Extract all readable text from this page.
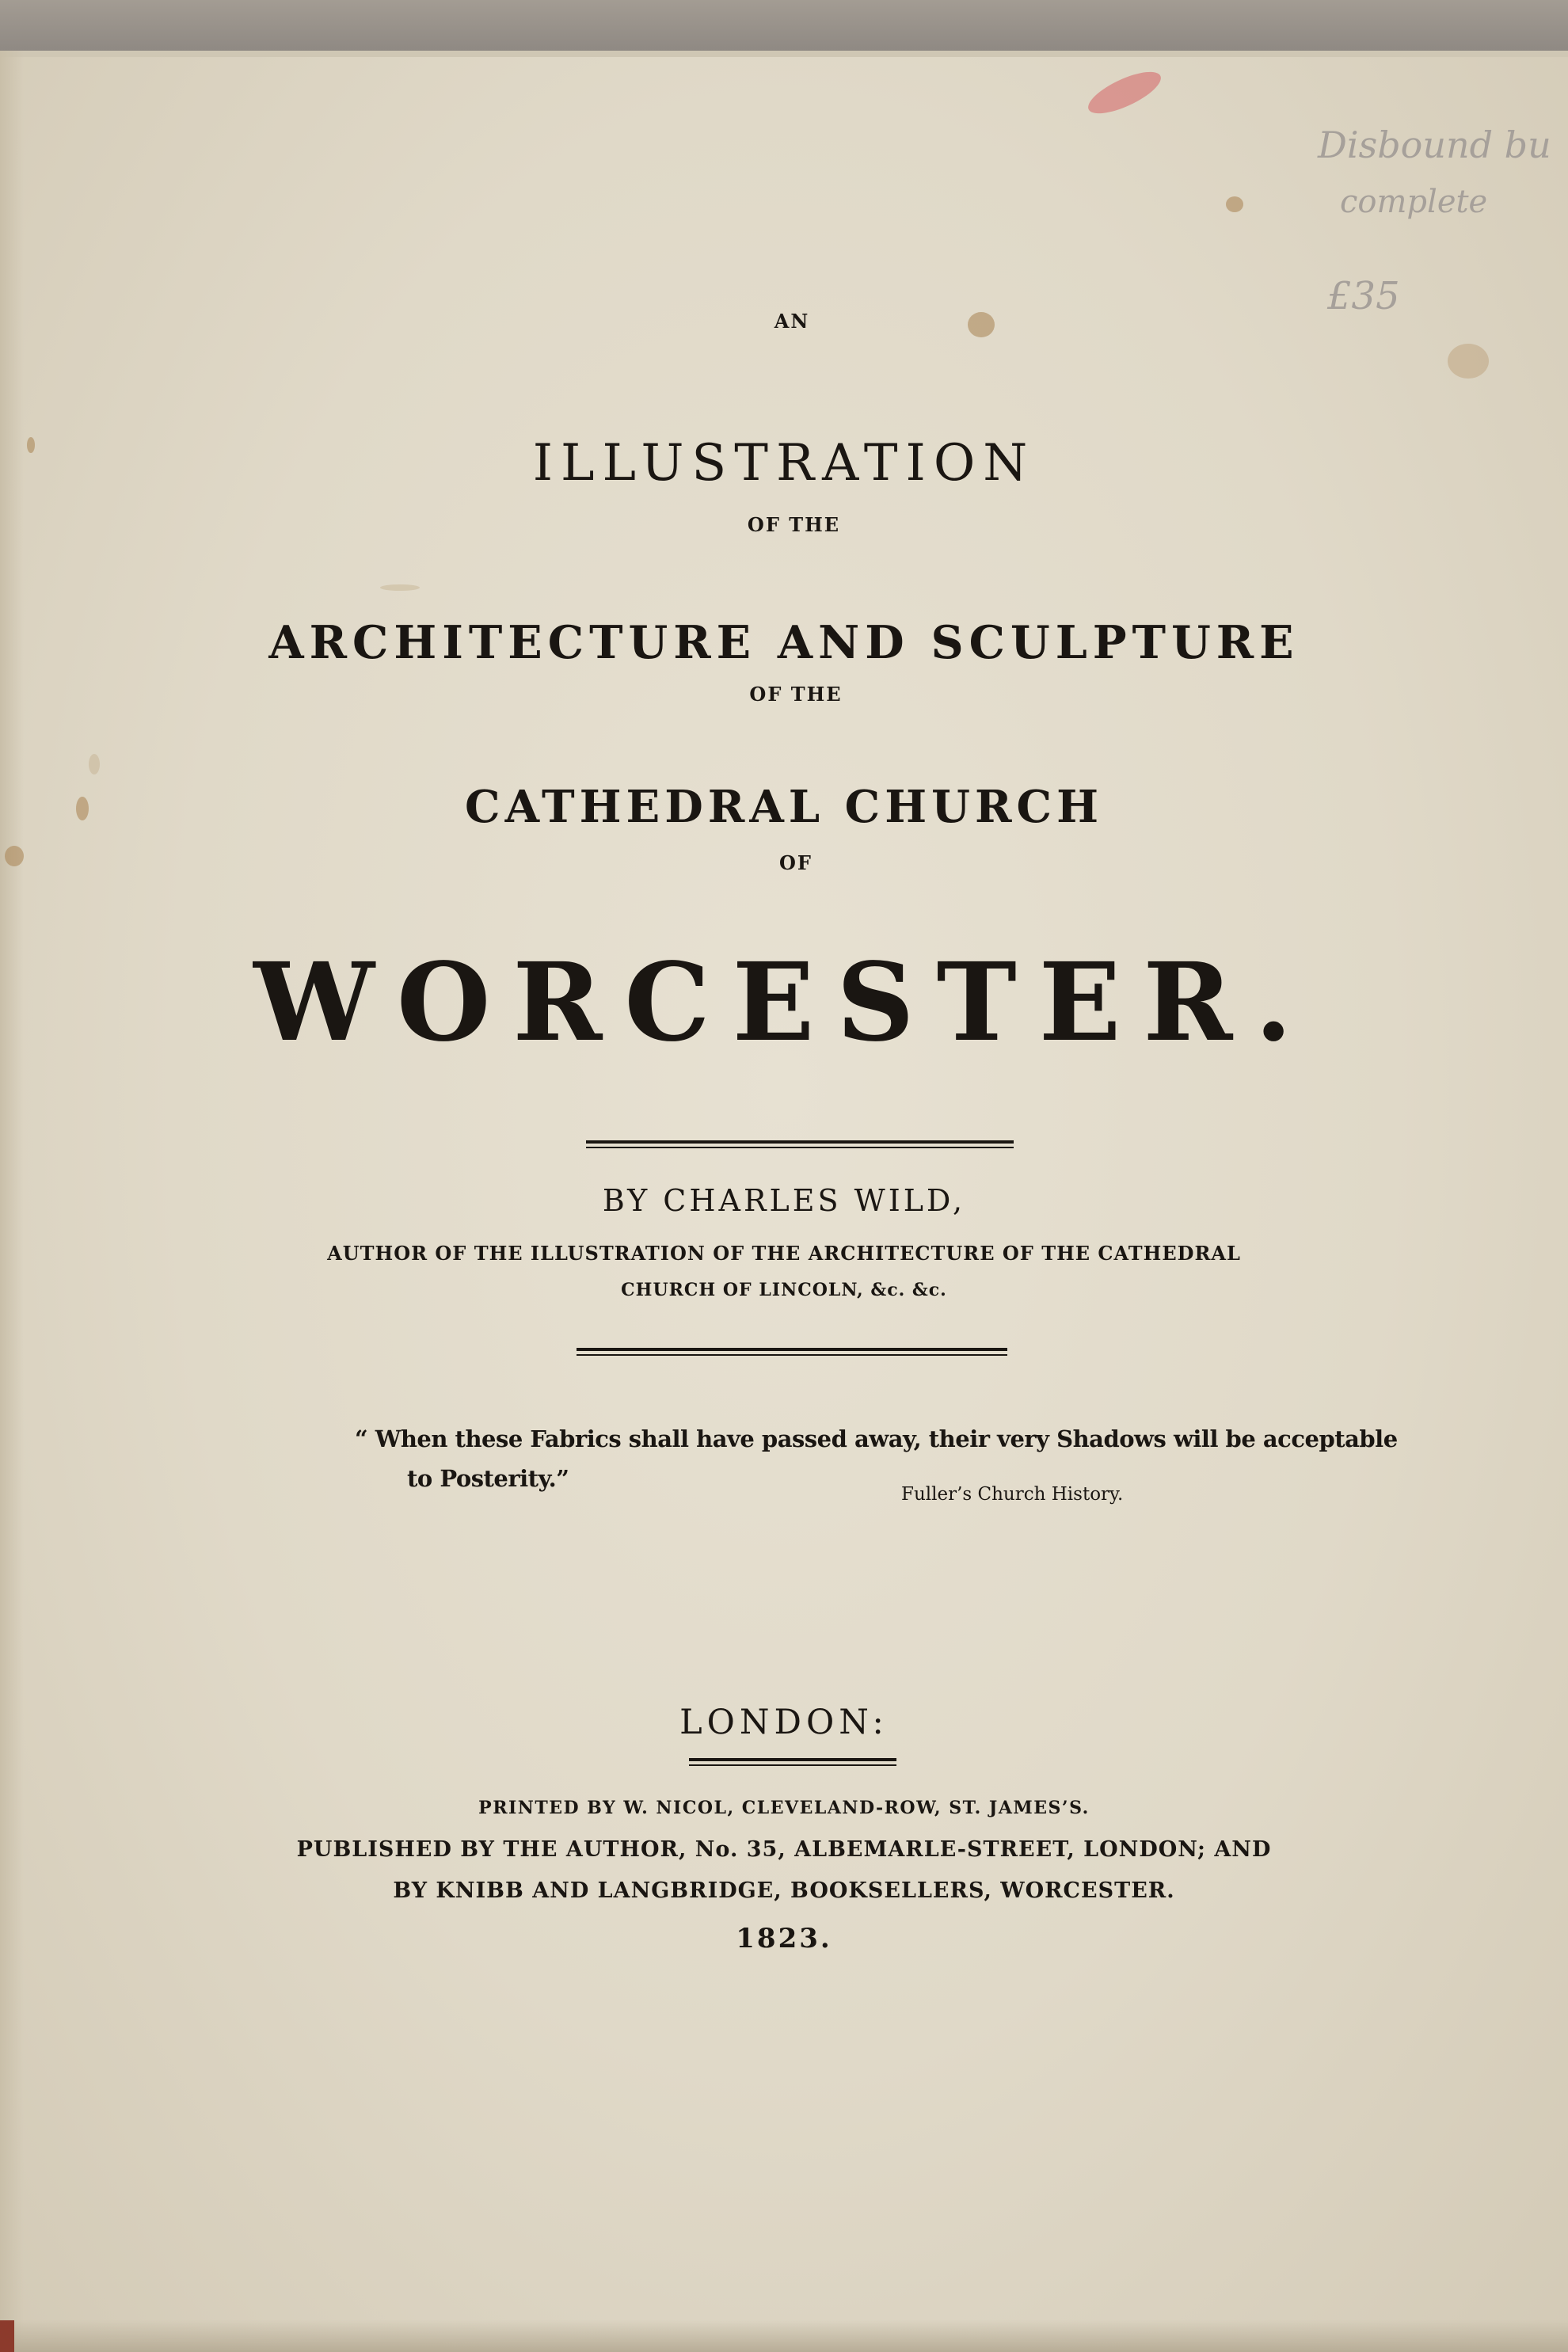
Disbound bu
complete
£35
AN
ILLUSTRATION
OF THE
ARCHITECTURE AND SCULPTURE
OF THE
CATHEDRAL CHURCH
OF
WORCESTER.
BY CHARLES WILD,
AUTHOR OF THE ILLUSTRATION OF THE ARCHITECTURE OF THE CATHEDRAL
CHURCH OF LINCOLN, &c. &c.
“ When these Fabrics shall have passed away, their very Shadows will be acceptable
to Posterity.”
Fuller’s Church History.
LONDON:
PRINTED BY W. NICOL, CLEVELAND-ROW, ST. JAMES’S.
PUBLISHED BY THE AUTHOR, No. 35, ALBEMARLE-STREET, LONDON; AND
BY KNIBB AND LANGBRIDGE, BOOKSELLERS, WORCESTER.
1823.
